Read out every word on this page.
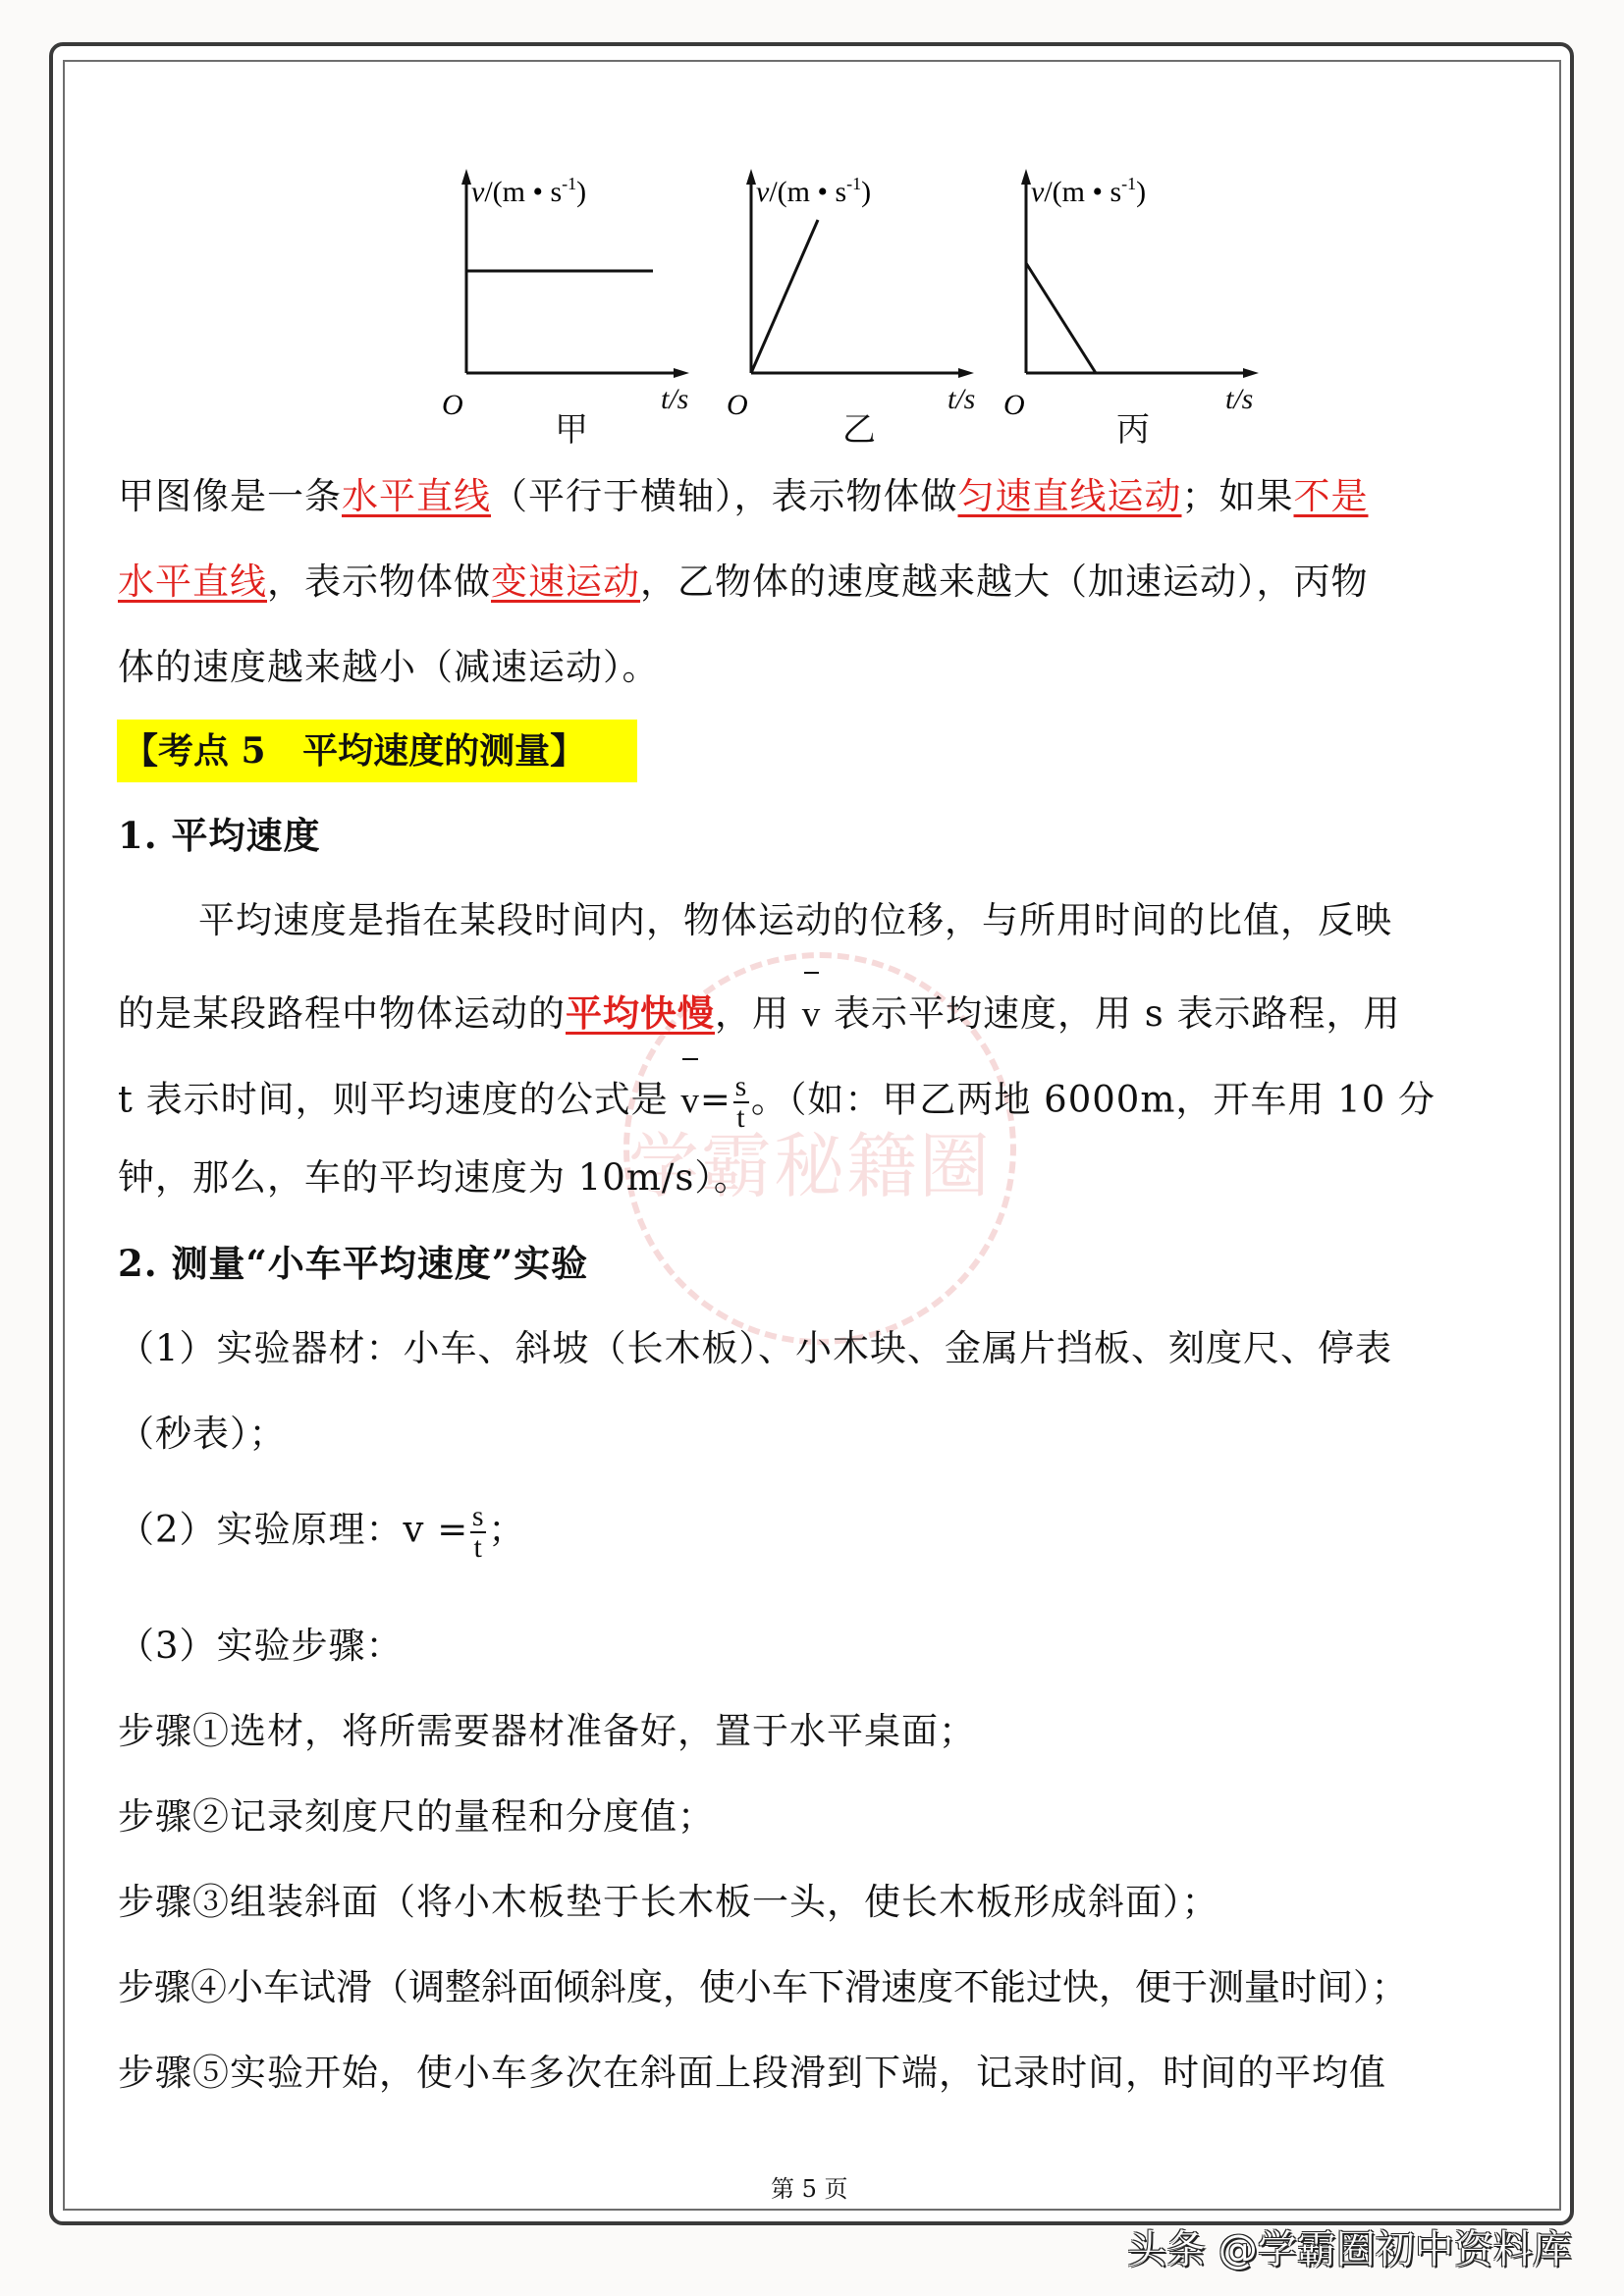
学霸秘籍圈
v/(m • $s^{-1}$)
O
v/(m • $s^{-1}$)
O
v/(m • $s^{-1}$)
O
t/s	t/s	t/s
甲	乙	丙
甲图像是一条水平直线（平行于横轴），表示物体做匀速直线运动；如果不是
水平直线，表示物体做变速运动，乙物体的速度越来越大（加速运动），丙物
体的速度越来越小（减速运动）。
【考点 5   平均速度的测量】
1. 平均速度
平均速度是指在某段时间内，物体运动的位移，与所用时间的比值，反映
的是某段路程中物体运动的平均快慢，用 v 表示平均速度，用 s 表示路程，用
t 表示时间，则平均速度的公式是 $v= \frac{s}{t}$ 。（如：甲乙两地 6000m，开车用 10 分
钟，那么，车的平均速度为 10m/s）。
2. 测量“小车平均速度”实验
（1）实验器材：小车、斜坡（长木板）、小木块、金属片挡板、刻度尺、停表
（秒表）；
（2）实验原理：$v = \frac{s}{t}$ ；
（3）实验步骤：
步骤①选材，将所需要器材准备好，置于水平桌面；
步骤②记录刻度尺的量程和分度值；
步骤③组装斜面（将小木板垫于长木板一头，使长木板形成斜面）；
步骤④小车试滑（调整斜面倾斜度，使小车下滑速度不能过快，便于测量时间）；
步骤⑤实验开始，使小车多次在斜面上段滑到下端，记录时间，时间的平均值
第 5 页
头条 @学霸圈初中资料库
